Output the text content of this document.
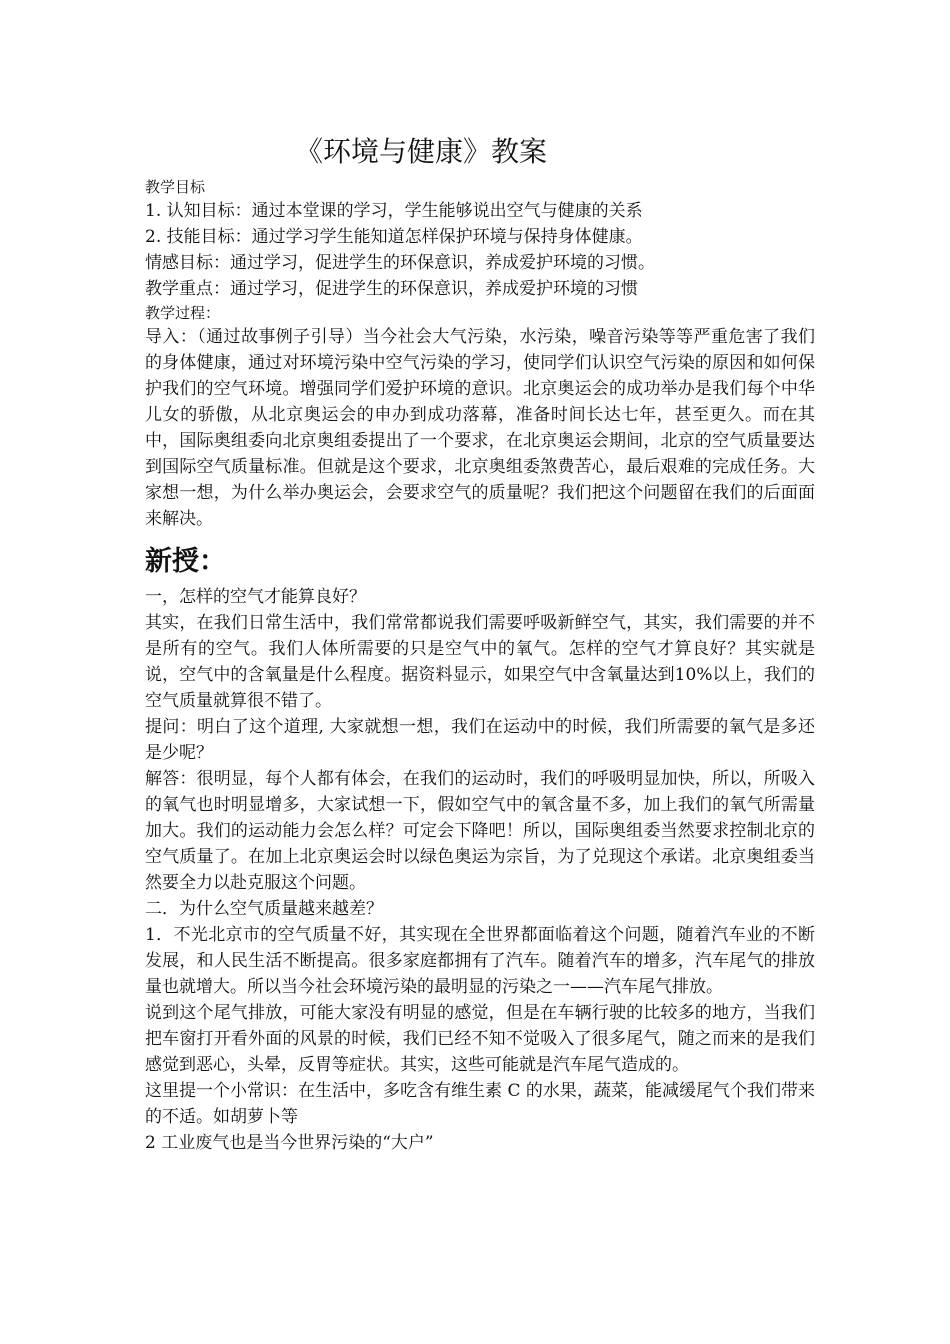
《环境与健康》教案

教学目标

1. 认知目标：通过本堂课的学习，学生能够说出空气与健康的关系

2. 技能目标：通过学习学生能知道怎样保护环境与保持身体健康。

情感目标：通过学习，促进学生的环保意识，养成爱护环境的习惯。

教学重点：通过学习，促进学生的环保意识，养成爱护环境的习惯

教学过程：

导入：（通过故事例子引导）当今社会大气污染，水污染，噪音污染等等严重危害了我们的身体健康，通过对环境污染中空气污染的学习，使同学们认识空气污染的原因和如何保护我们的空气环境。增强同学们爱护环境的意识。北京奥运会的成功举办是我们每个中华儿女的骄傲，从北京奥运会的申办到成功落幕，准备时间长达七年，甚至更久。而在其中，国际奥组委向北京奥组委提出了一个要求，在北京奥运会期间，北京的空气质量要达到国际空气质量标准。但就是这个要求，北京奥组委煞费苦心，最后艰难的完成任务。大家想一想，为什么举办奥运会，会要求空气的质量呢？我们把这个问题留在我们的后面面来解决。

新授：

一，怎样的空气才能算良好？

其实，在我们日常生活中，我们常常都说我们需要呼吸新鲜空气，其实，我们需要的并不是所有的空气。我们人体所需要的只是空气中的氧气。怎样的空气才算良好？其实就是说，空气中的含氧量是什么程度。据资料显示，如果空气中含氧量达到10%以上，我们的空气质量就算很不错了。

提问：明白了这个道理, 大家就想一想，我们在运动中的时候，我们所需要的氧气是多还是少呢？

解答：很明显，每个人都有体会，在我们的运动时，我们的呼吸明显加快，所以，所吸入的氧气也时明显增多，大家试想一下，假如空气中的氧含量不多，加上我们的氧气所需量加大。我们的运动能力会怎么样？可定会下降吧！所以，国际奥组委当然要求控制北京的空气质量了。在加上北京奥运会时以绿色奥运为宗旨，为了兑现这个承诺。北京奥组委当然要全力以赴克服这个问题。

二．为什么空气质量越来越差？

1．不光北京市的空气质量不好，其实现在全世界都面临着这个问题，随着汽车业的不断发展，和人民生活不断提高。很多家庭都拥有了汽车。随着汽车的增多，汽车尾气的排放量也就增大。所以当今社会环境污染的最明显的污染之一——汽车尾气排放。

说到这个尾气排放，可能大家没有明显的感觉，但是在车辆行驶的比较多的地方，当我们把车窗打开看外面的风景的时候，我们已经不知不觉吸入了很多尾气，随之而来的是我们感觉到恶心，头晕，反胃等症状。其实，这些可能就是汽车尾气造成的。

这里提一个小常识：在生活中，多吃含有维生素 C 的水果，蔬菜，能减缓尾气个我们带来的不适。如胡萝卜等

2 工业废气也是当今世界污染的“大户”
